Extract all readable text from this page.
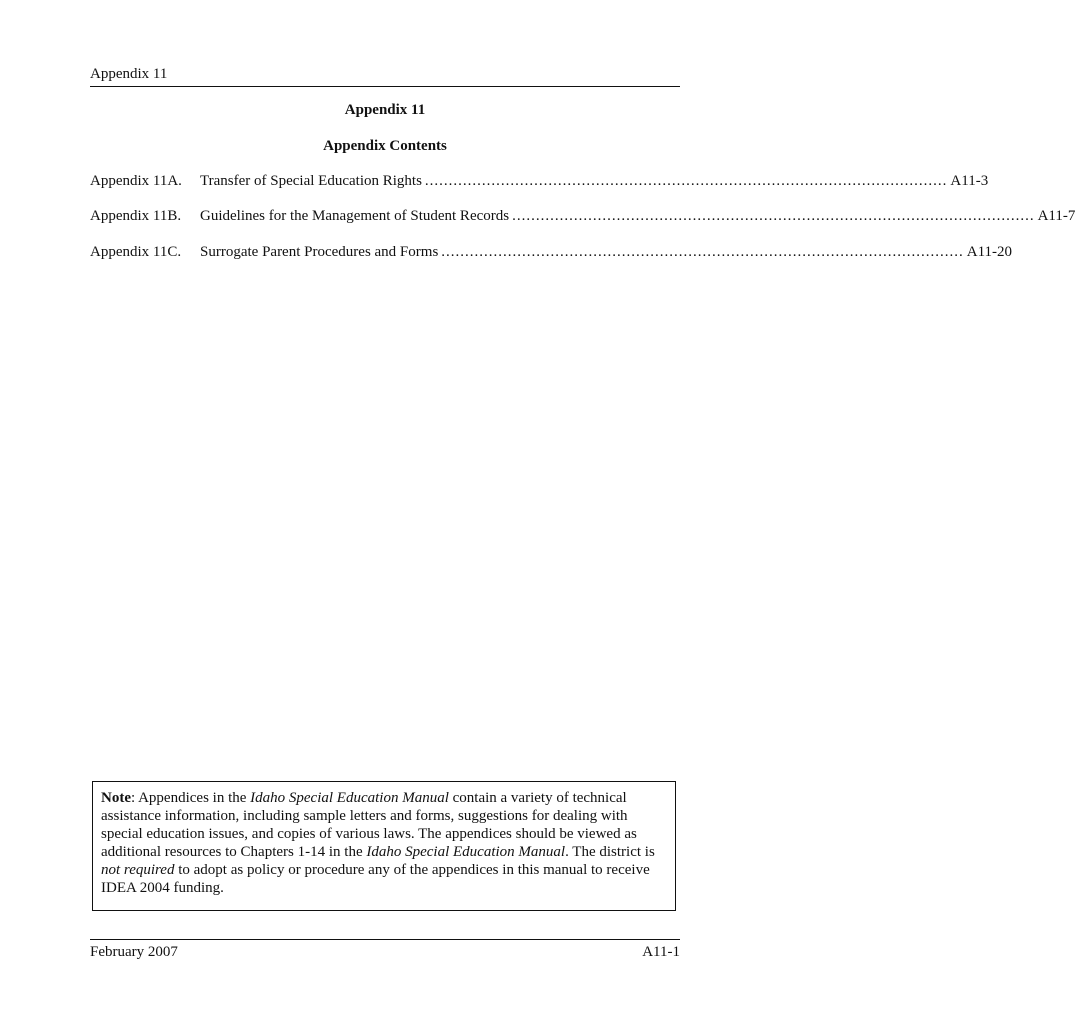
Appendix 11
Appendix 11
Appendix Contents
Appendix 11A.	Transfer of Special Education Rights .............................................................................................................. A11-3
Appendix 11B.	Guidelines for the Management of Student Records .............................................................................................................. A11-7
Appendix 11C.	Surrogate Parent Procedures and Forms .............................................................................................................. A11-20

Note: Appendices in the Idaho Special Education Manual contain a variety of technical assistance information, including sample letters and forms, suggestions for dealing with special education issues, and copies of various laws. The appendices should be viewed as additional resources to Chapters 1-14 in the Idaho Special Education Manual. The district is not required to adopt as policy or procedure any of the appendices in this manual to receive IDEA 2004 funding.

February 2007	A11-1
